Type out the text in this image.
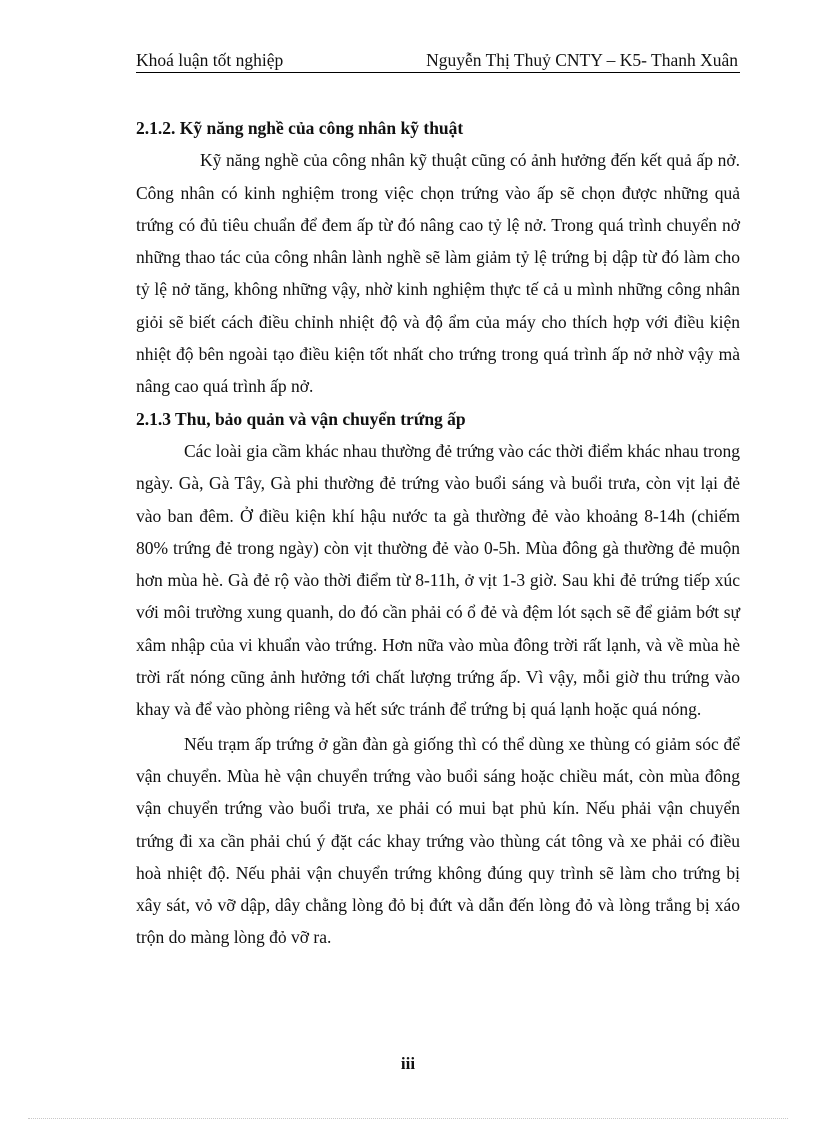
Khoá luận tốt nghiệp	Nguyễn Thị Thuỷ CNTY – K5- Thanh Xuân

2.1.2. Kỹ năng nghề của công nhân kỹ thuật

Kỹ năng nghề của công nhân kỹ thuật cũng có ảnh hưởng đến kết quả ấp nở. Công nhân có kinh nghiệm trong việc chọn trứng vào ấp sẽ chọn được những quả trứng có đủ tiêu chuẩn để đem ấp từ đó nâng cao tỷ lệ nở. Trong quá trình chuyển nở những thao tác của công nhân lành nghề sẽ làm giảm tỷ lệ trứng bị dập từ đó làm cho tỷ lệ nở tăng, không những vậy, nhờ kinh nghiệm thực tế cả u mình những công nhân giỏi sẽ biết cách điều chỉnh nhiệt độ và độ ẩm của máy cho thích hợp với điều kiện nhiệt độ bên ngoài tạo điều kiện tốt nhất cho trứng trong quá trình ấp nở nhờ vậy mà nâng cao quá trình ấp nở.

2.1.3 Thu, bảo quản và vận chuyển trứng ấp

Các loài gia cầm khác nhau thường đẻ trứng vào các thời điểm khác nhau trong ngày. Gà, Gà Tây, Gà phi thường đẻ trứng vào buổi sáng và buổi trưa, còn vịt lại đẻ vào ban đêm. Ở điều kiện khí hậu nước ta gà thường đẻ vào khoảng 8-14h (chiếm 80% trứng đẻ trong ngày) còn vịt thường đẻ vào 0-5h. Mùa đông gà thường đẻ muộn hơn mùa hè. Gà đẻ rộ vào thời điểm từ 8-11h, ở vịt 1-3 giờ. Sau khi đẻ trứng tiếp xúc với môi trường xung quanh, do đó cần phải có ổ đẻ và đệm lót sạch sẽ để giảm bớt sự xâm nhập của vi khuẩn vào trứng. Hơn nữa vào mùa đông trời rất lạnh, và về mùa hè trời rất nóng cũng ảnh hưởng tới chất lượng trứng ấp. Vì vậy, mỗi giờ thu trứng vào khay và để vào phòng riêng và hết sức tránh để trứng bị quá lạnh hoặc quá nóng.

Nếu trạm ấp trứng ở gần đàn gà giống thì có thể dùng xe thùng có giảm sóc để vận chuyển. Mùa hè vận chuyển trứng vào buổi sáng hoặc chiều mát, còn mùa đông vận chuyển trứng vào buổi trưa, xe phải có mui bạt phủ kín. Nếu phải vận chuyển trứng đi xa cần phải chú ý đặt các khay trứng vào thùng cát tông và xe phải có điều hoà nhiệt độ. Nếu phải vận chuyển trứng không đúng quy trình sẽ làm cho trứng bị xây sát, vỏ vỡ dập, dây chằng lòng đỏ bị đứt và dẫn đến lòng đỏ và lòng trắng bị xáo trộn do màng lòng đỏ vỡ ra.

iii
